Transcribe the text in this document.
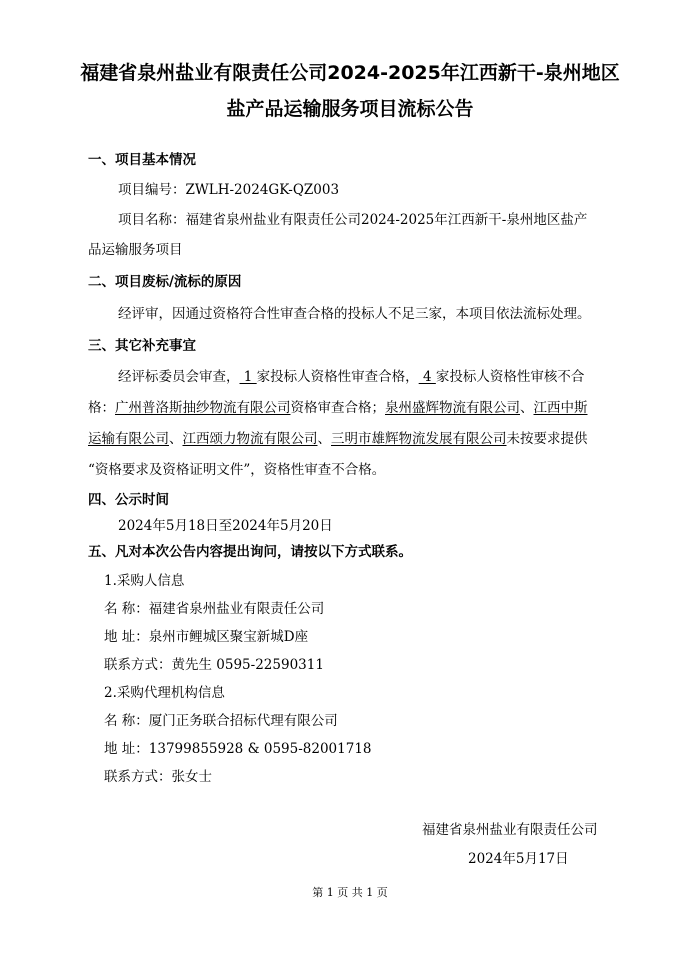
福建省泉州盐业有限责任公司2024-2025年江西新干-泉州地区
盐产品运输服务项目流标公告
一、项目基本情况
项目编号：ZWLH-2024GK-QZ003
项目名称：福建省泉州盐业有限责任公司2024-2025年江西新干-泉州地区盐产
品运输服务项目
二、项目废标/流标的原因
经评审，因通过资格符合性审查合格的投标人不足三家，本项目依法流标处理。
三、其它补充事宜
经评标委员会审查， 1 家投标人资格性审查合格， 4 家投标人资格性审核不合
格：广州普洛斯抽纱物流有限公司资格审查合格；泉州盛辉物流有限公司、江西中斯
运输有限公司、江西颂力物流有限公司、三明市雄辉物流发展有限公司未按要求提供
“资格要求及资格证明文件”，资格性审查不合格。
四、公示时间
2024年5月18日至2024年5月20日
五、凡对本次公告内容提出询问，请按以下方式联系。
1.采购人信息
名 称：福建省泉州盐业有限责任公司
地 址：泉州市鲤城区聚宝新城D座
联系方式：黄先生 0595-22590311
2.采购代理机构信息
名 称：厦门正务联合招标代理有限公司
地 址：13799855928 & 0595-82001718
联系方式：张女士
福建省泉州盐业有限责任公司
2024年5月17日
第 1 页 共 1 页
